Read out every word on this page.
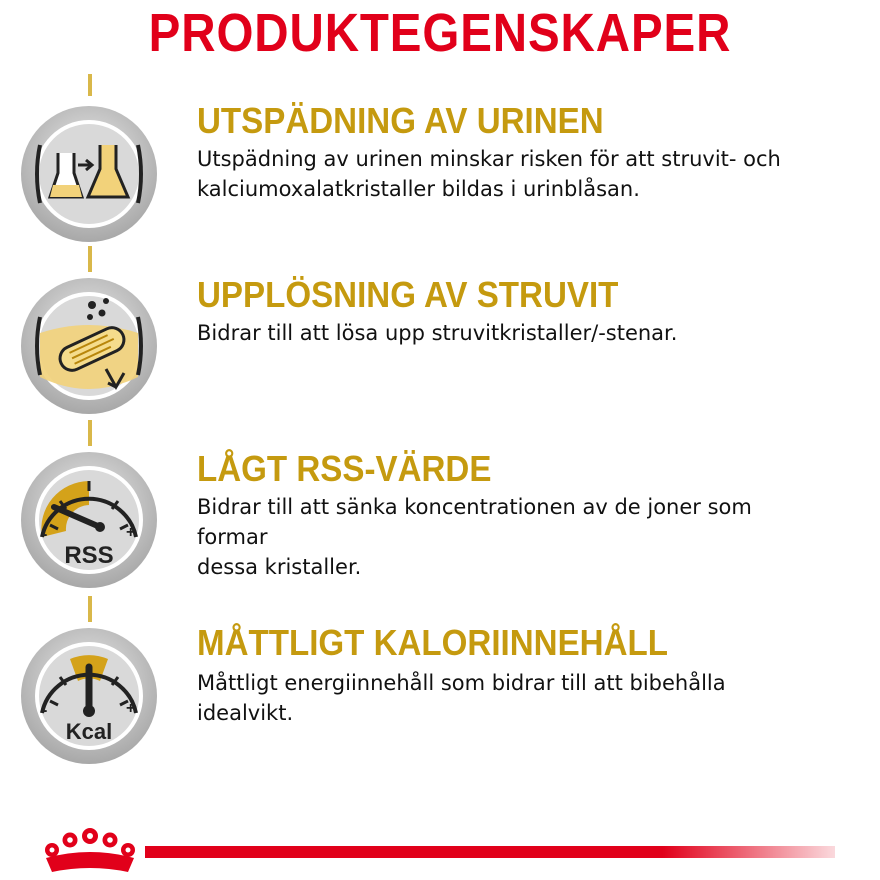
PRODUKTEGENSKAPER
UTSPÄDNING AV URINEN
Utspädning av urinen minskar risken för att struvit- och
kalciumoxalatkristaller bildas i urinblåsan.
UPPLÖSNING AV STRUVIT
Bidrar till att lösa upp struvitkristaller/-stenar.
-	+
RSS
LÅGT RSS-VÄRDE
Bidrar till att sänka koncentrationen av de joner som
formar
dessa kristaller.
-	+
Kcal
MÅTTLIGT KALORIINNEHÅLL
Måttligt energiinnehåll som bidrar till att bibehålla
idealvikt.
